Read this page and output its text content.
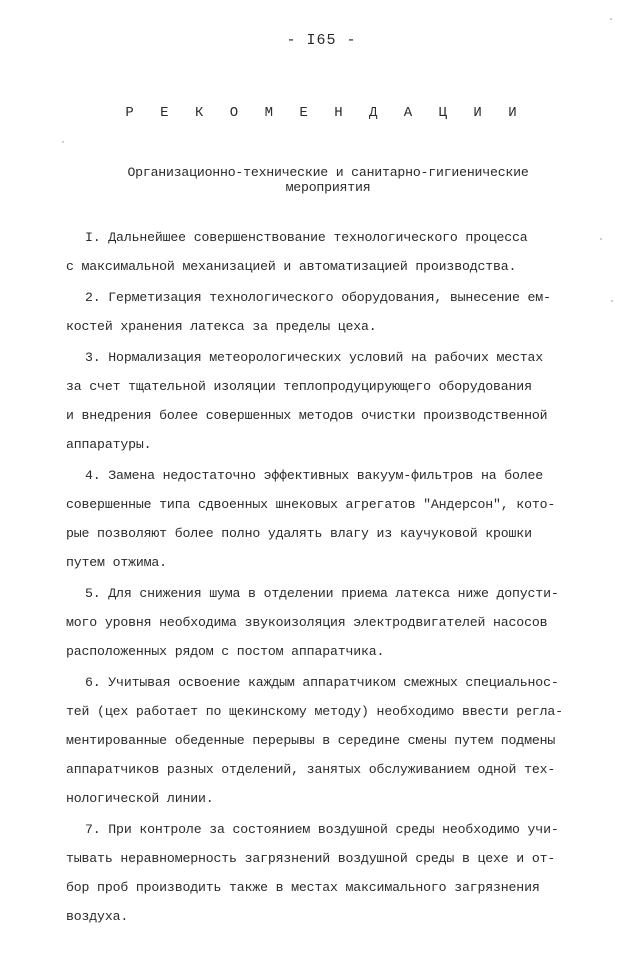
- I65 -
Р Е К О М Е Н Д А Ц И И
Организационно-технические и санитарно-гигиенические
мероприятия
I. Дальнейшее совершенствование технологического процесса
с максимальной механизацией и автоматизацией производства.
2. Герметизация технологического оборудования, вынесение ем-
костей хранения латекса за пределы цеха.
3. Нормализация метеорологических условий на рабочих местах
за счет тщательной изоляции теплопродуцирующего оборудования
и внедрения более совершенных методов очистки производственной
аппаратуры.
4. Замена недостаточно эффективных вакуум-фильтров на более
совершенные типа сдвоенных шнековых агрегатов "Андерсон", кото-
рые позволяют более полно удалять влагу из каучуковой крошки
путем отжима.
5. Для снижения шума в отделении приема латекса ниже допусти-
мого уровня необходима звукоизоляция электродвигателей насосов
расположенных рядом с постом аппаратчика.
6. Учитывая освоение каждым аппаратчиком смежных специальнос-
тей (цех работает по щекинскому методу) необходимо ввести регла-
ментированные обеденные перерывы в середине смены путем подмены
аппаратчиков разных отделений, занятых обслуживанием одной тех-
нологической линии.
7. При контроле за состоянием воздушной среды необходимо учи-
тывать неравномерность загрязнений воздушной среды в цехе и от-
бор проб производить также в местах максимального загрязнения
воздуха.
